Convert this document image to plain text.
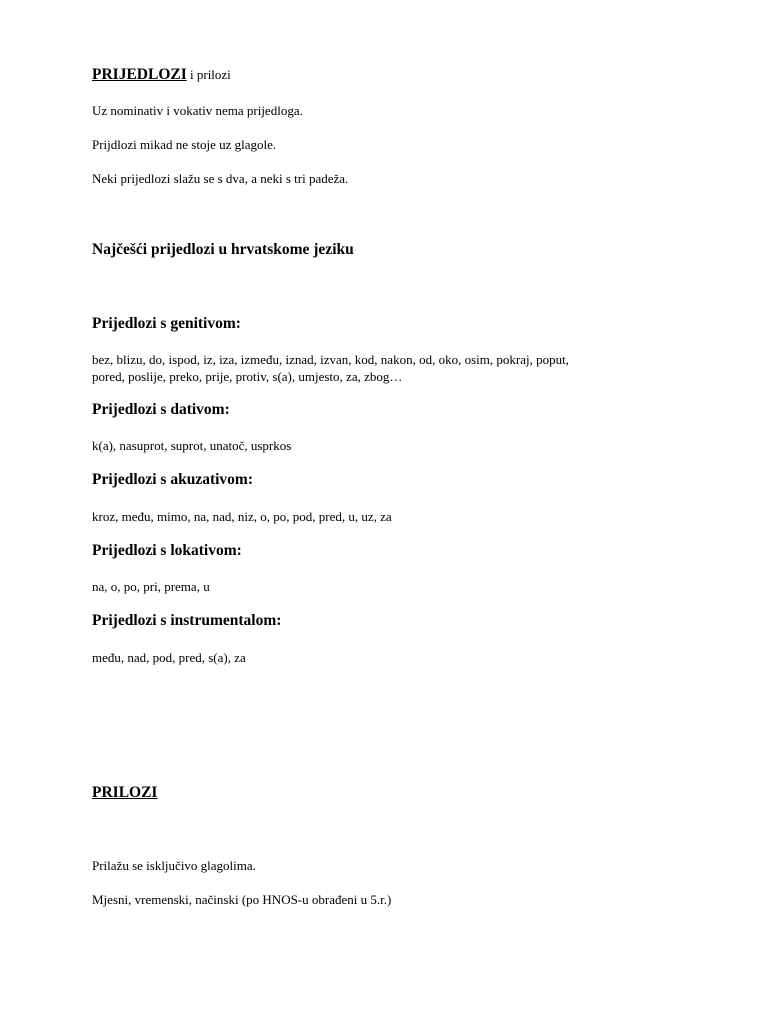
PRIJEDLOZI i prilozi

Uz nominativ i vokativ nema prijedloga.

Prijdlozi mikad ne stoje uz glagole.

Neki prijedlozi slažu se s dva, a neki s tri padeža.

Najčešći prijedlozi u hrvatskome jeziku
Prijedlozi s genitivom:

bez, blizu, do, ispod, iz, iza, između, iznad, izvan, kod, nakon, od, oko, osim, pokraj, poput,

pored, poslije, preko, prije, protiv, s(a), umjesto, za, zbog…

Prijedlozi s dativom:

k(a), nasuprot, suprot, unatoč, usprkos

Prijedlozi s akuzativom:

kroz, među, mimo, na, nad, niz, o, po, pod, pred, u, uz, za

Prijedlozi s lokativom:

na, o, po, pri, prema, u

Prijedlozi s instrumentalom:

među, nad, pod, pred, s(a), za

PRILOZI

Prilažu se isključivo glagolima.

Mjesni, vremenski, načinski (po HNOS-u obrađeni u 5.r.)
